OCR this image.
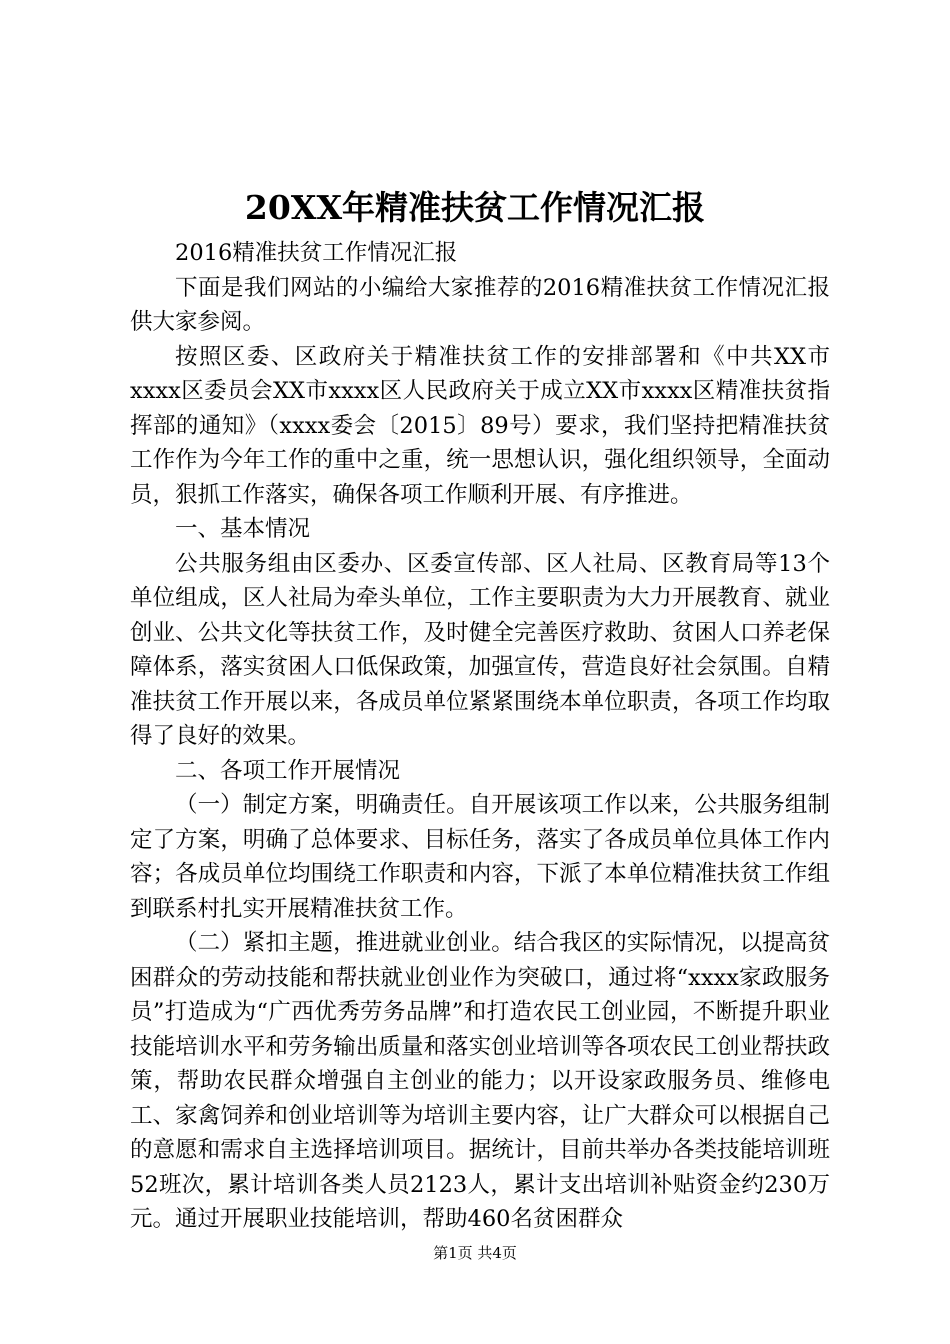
20XX年精准扶贫工作情况汇报

2016精准扶贫工作情况汇报

下面是我们网站的小编给大家推荐的2016精准扶贫工作情况汇报供大家参阅。

按照区委、区政府关于精准扶贫工作的安排部署和《中共XX市xxxx区委员会XX市xxxx区人民政府关于成立XX市xxxx区精准扶贫指挥部的通知》（xxxx委会〔2015〕89号）要求，我们坚持把精准扶贫工作作为今年工作的重中之重，统一思想认识，强化组织领导，全面动员，狠抓工作落实，确保各项工作顺利开展、有序推进。

一、基本情况

公共服务组由区委办、区委宣传部、区人社局、区教育局等13个单位组成，区人社局为牵头单位，工作主要职责为大力开展教育、就业创业、公共文化等扶贫工作，及时健全完善医疗救助、贫困人口养老保障体系，落实贫困人口低保政策，加强宣传，营造良好社会氛围。自精准扶贫工作开展以来，各成员单位紧紧围绕本单位职责，各项工作均取得了良好的效果。

二、各项工作开展情况

（一）制定方案，明确责任。自开展该项工作以来，公共服务组制定了方案，明确了总体要求、目标任务，落实了各成员单位具体工作内容；各成员单位均围绕工作职责和内容，下派了本单位精准扶贫工作组到联系村扎实开展精准扶贫工作。

（二）紧扣主题，推进就业创业。结合我区的实际情况，以提高贫困群众的劳动技能和帮扶就业创业作为突破口，通过将“xxxx家政服务员”打造成为“广西优秀劳务品牌”和打造农民工创业园，不断提升职业技能培训水平和劳务输出质量和落实创业培训等各项农民工创业帮扶政策，帮助农民群众增强自主创业的能力；以开设家政服务员、维修电工、家禽饲养和创业培训等为培训主要内容，让广大群众可以根据自己的意愿和需求自主选择培训项目。据统计，目前共举办各类技能培训班52班次，累计培训各类人员2123人，累计支出培训补贴资金约230万元。通过开展职业技能培训，帮助460名贫困群众

第1页 共4页
